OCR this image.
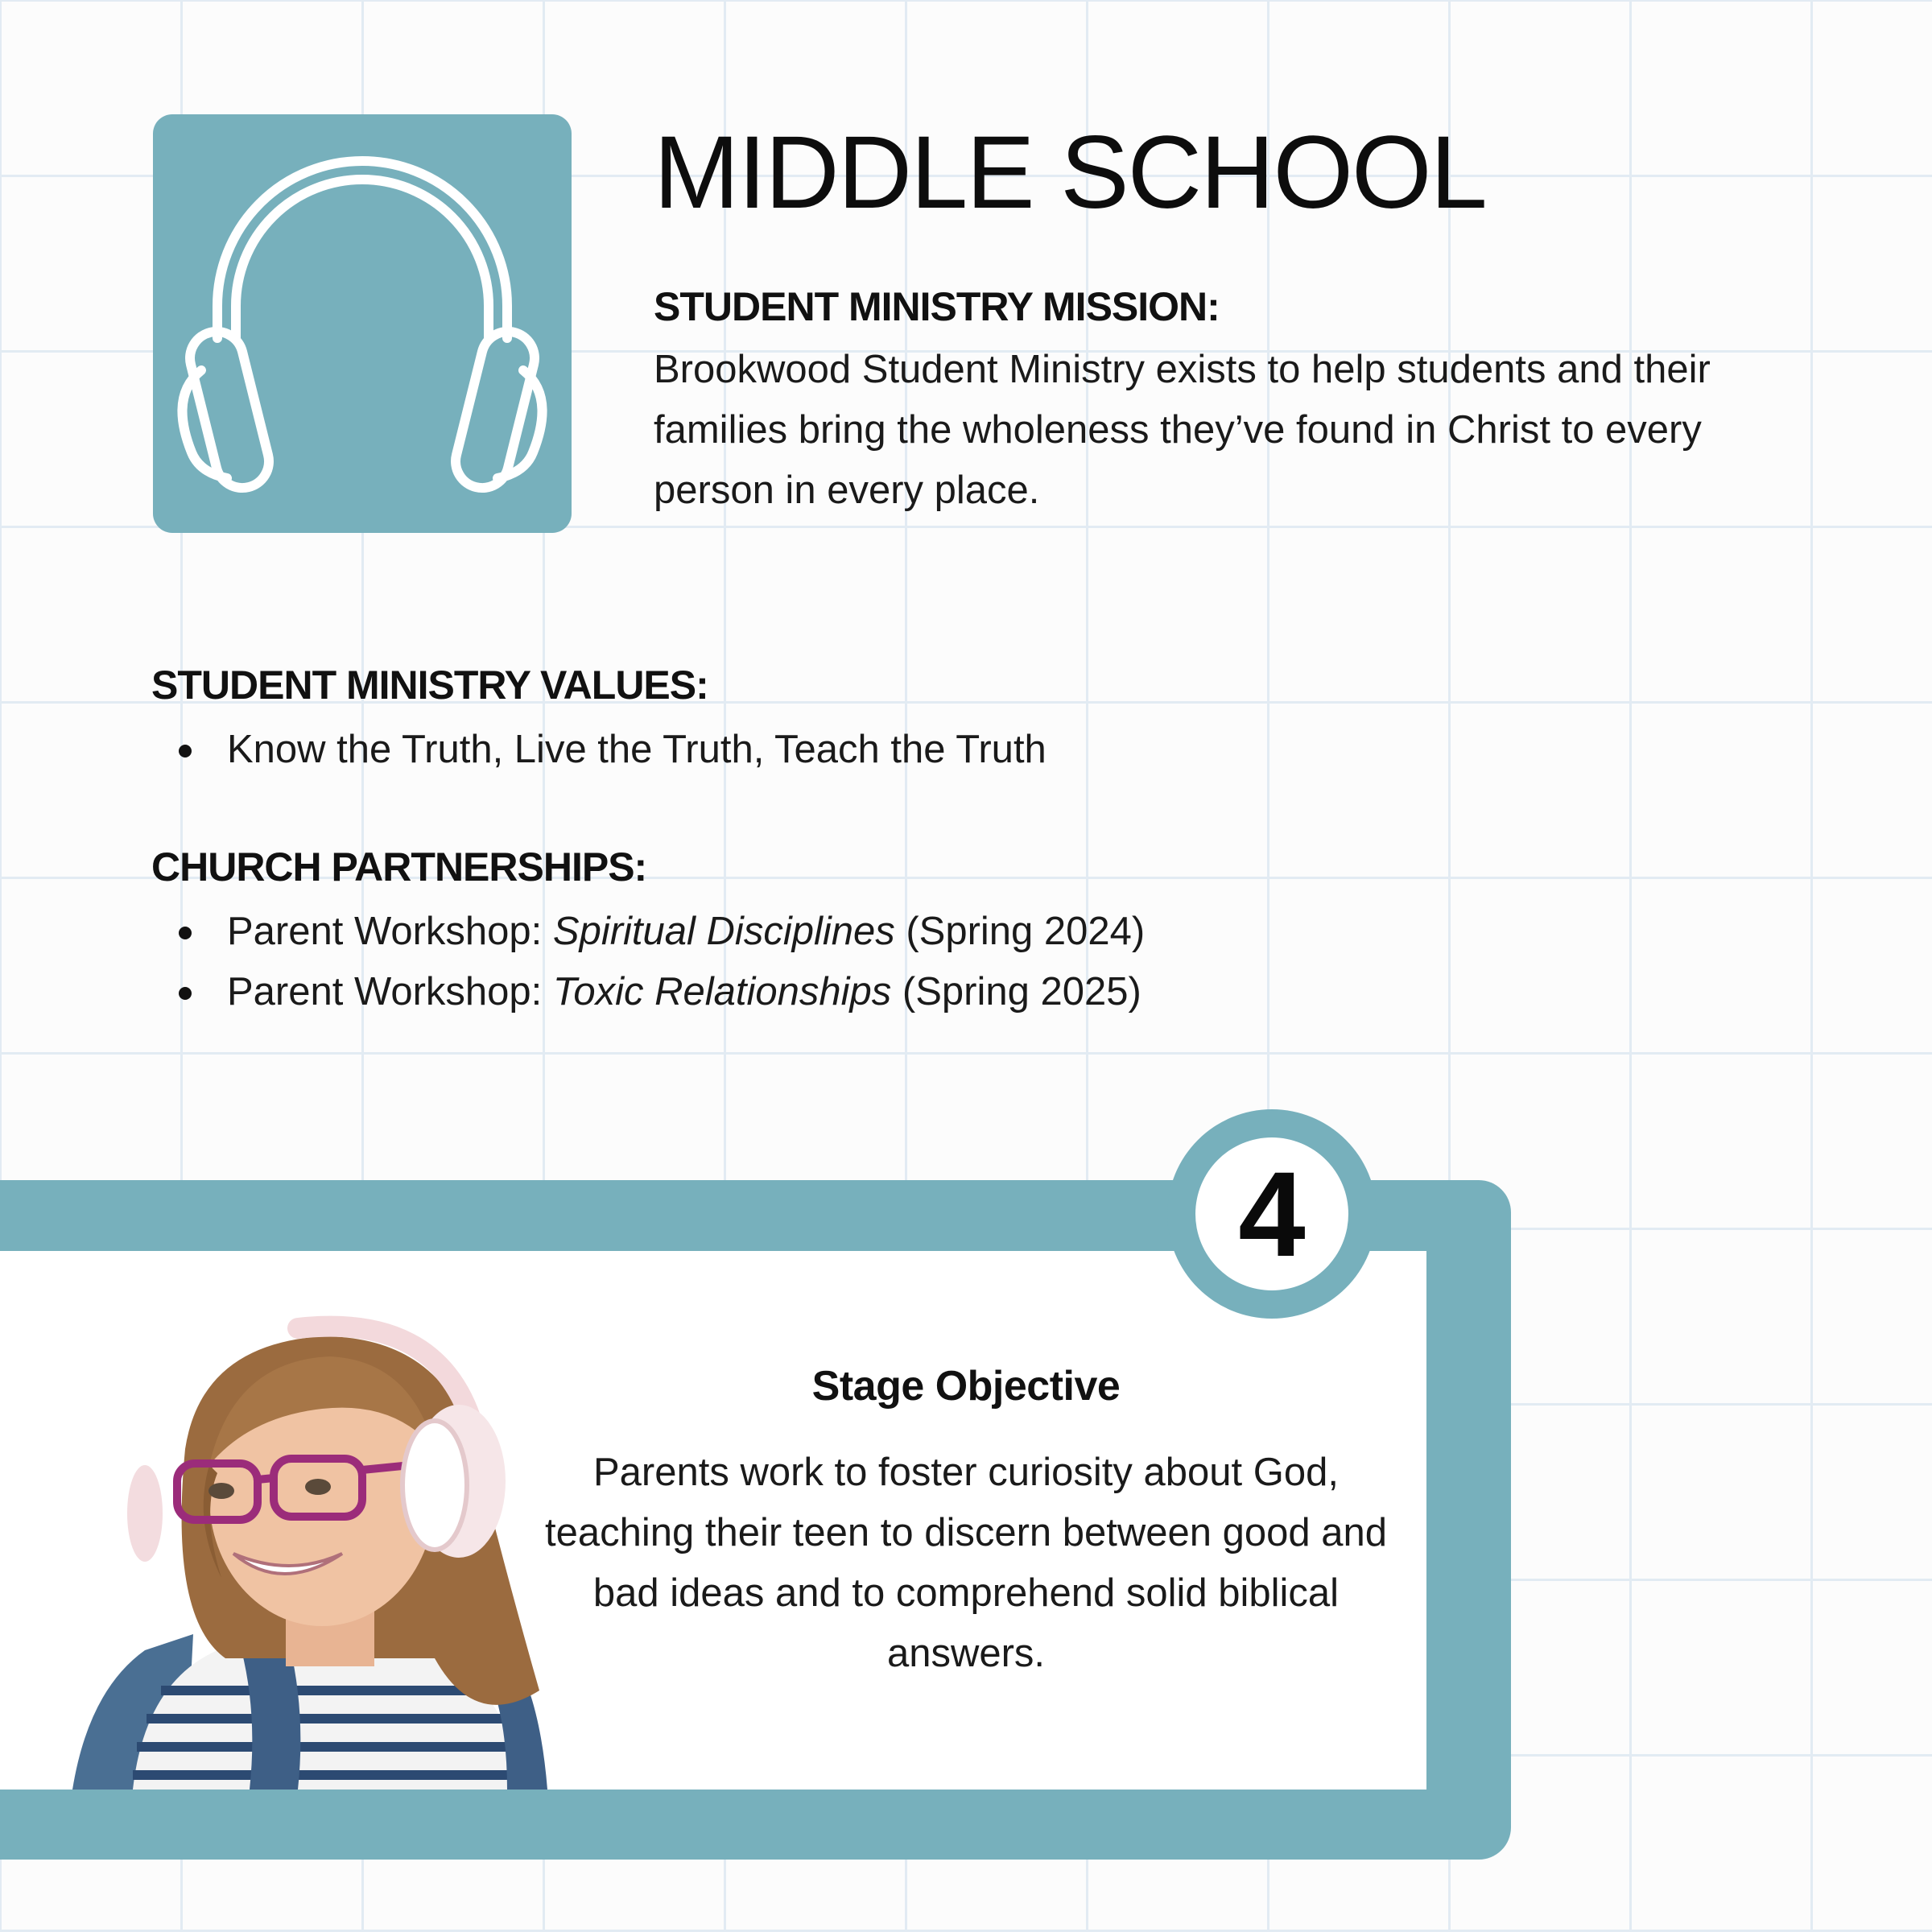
MIDDLE SCHOOL
STUDENT MINISTRY MISSION:
Brookwood Student Ministry exists to help students and their families bring the wholeness they’ve found in Christ to every person in every place.
STUDENT MINISTRY VALUES:
Know the Truth, Live the Truth, Teach the Truth
CHURCH PARTNERSHIPS:
Parent Workshop: Spiritual Disciplines (Spring 2024)
Parent Workshop: Toxic Relationships (Spring 2025)
4
Stage Objective
Parents work to foster curiosity about God, teaching their teen to discern between good and bad ideas and to comprehend solid biblical answers.
